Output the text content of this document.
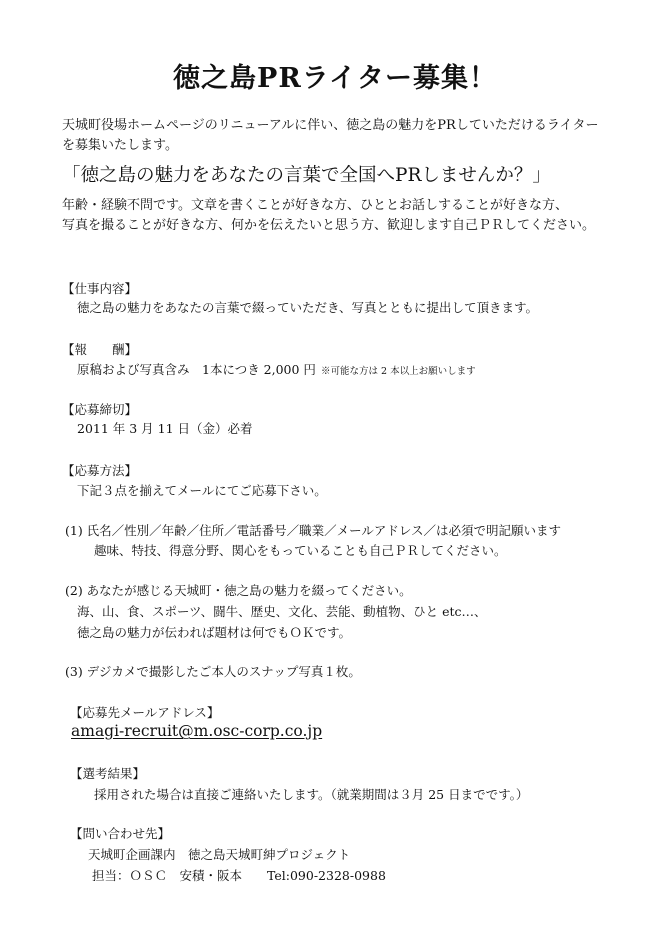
徳之島PRライター募集！
天城町役場ホームページのリニューアルに伴い、徳之島の魅力をPRしていただけるライター
を募集いたします。
「徳之島の魅力をあなたの言葉で全国へPRしませんか？」
年齢・経験不問です。文章を書くことが好きな方、ひととお話しすることが好きな方、
写真を撮ることが好きな方、何かを伝えたいと思う方、歓迎します自己ＰＲしてください。
【仕事内容】
徳之島の魅力をあなたの言葉で綴っていただき、写真とともに提出して頂きます。
【報　　酬】
原稿および写真含み　1本につき 2,000 円 ※可能な方は 2 本以上お願いします
【応募締切】
2011 年 3 月 11 日（金）必着
【応募方法】
下記３点を揃えてメールにてご応募下さい。
(1) 氏名／性別／年齢／住所／電話番号／職業／メールアドレス／は必須で明記願います
趣味、特技、得意分野、関心をもっていることも自己ＰＲしてください。
(2) あなたが感じる天城町・徳之島の魅力を綴ってください。
海、山、食、スポーツ、闘牛、歴史、文化、芸能、動植物、ひと etc…、
徳之島の魅力が伝われば題材は何でもＯＫです。
(3) デジカメで撮影したご本人のスナップ写真１枚。
【応募先メールアドレス】
amagi-recruit@m.osc-corp.co.jp
【選考結果】
採用された場合は直接ご連絡いたします。（就業期間は３月 25 日までです。）
【問い合わせ先】
天城町企画課内　徳之島天城町紳プロジェクト
担当：ＯＳＣ　安積・阪本　　Tel:090-2328-0988
